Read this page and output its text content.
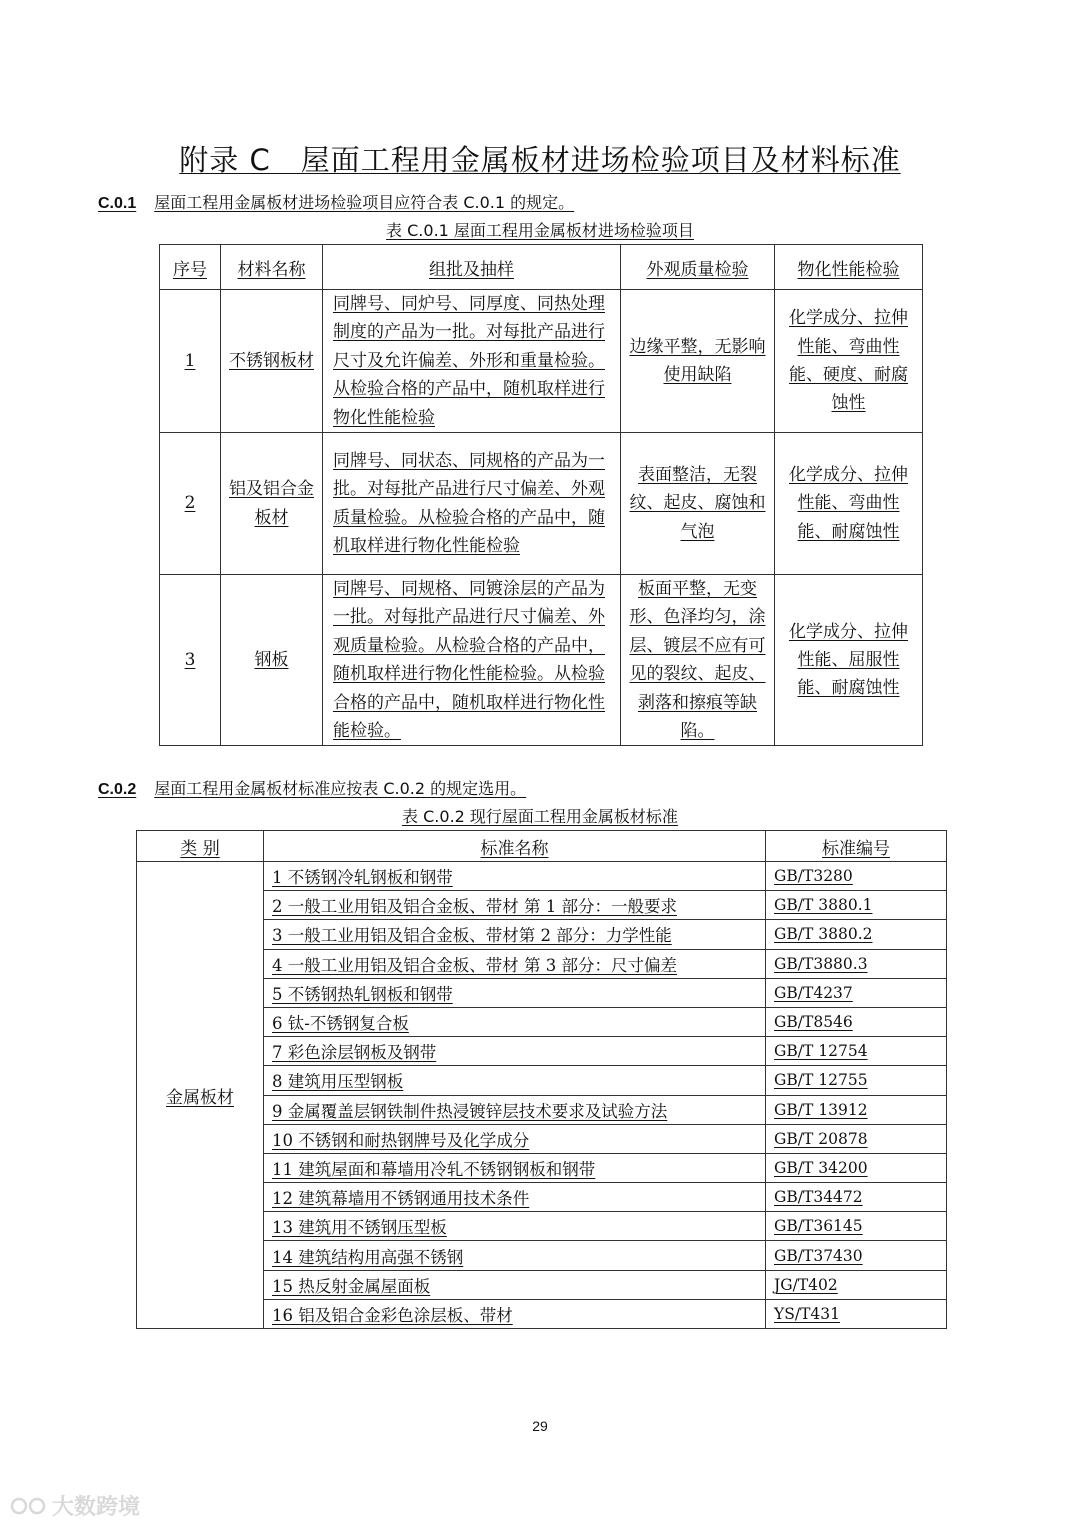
附录 C　屋面工程用金属板材进场检验项目及材料标准
C.0.1 屋面工程用金属板材进场检验项目应符合表 C.0.1 的规定。
表 C.0.1 屋面工程用金属板材进场检验项目
序号	材料名称	组批及抽样	外观质量检验	物化性能检验
1	不锈钢板材	同牌号、同炉号、同厚度、同热处理制度的产品为一批。对每批产品进行尺寸及允许偏差、外形和重量检验。从检验合格的产品中，随机取样进行物化性能检验	边缘平整，无影响使用缺陷	化学成分、拉伸性能、弯曲性能、硬度、耐腐蚀性
2	铝及铝合金板材	同牌号、同状态、同规格的产品为一批。对每批产品进行尺寸偏差、外观质量检验。从检验合格的产品中，随机取样进行物化性能检验	表面整洁，无裂纹、起皮、腐蚀和气泡	化学成分、拉伸性能、弯曲性能、耐腐蚀性
3	钢板	同牌号、同规格、同镀涂层的产品为一批。对每批产品进行尺寸偏差、外观质量检验。从检验合格的产品中，随机取样进行物化性能检验。从检验合格的产品中，随机取样进行物化性能检验。	板面平整，无变形、色泽均匀，涂层、镀层不应有可见的裂纹、起皮、剥落和擦痕等缺陷。	化学成分、拉伸性能、屈服性能、耐腐蚀性
C.0.2 屋面工程用金属板材标准应按表 C.0.2 的规定选用。
表 C.0.2 现行屋面工程用金属板材标准
类 别	标准名称	标准编号
金属板材	1 不锈钢冷轧钢板和钢带	GB/T3280
	2 一般工业用铝及铝合金板、带材 第 1 部分：一般要求	GB/T 3880.1
	3 一般工业用铝及铝合金板、带材第 2 部分：力学性能	GB/T 3880.2
	4 一般工业用铝及铝合金板、带材 第 3 部分：尺寸偏差	GB/T3880.3
	5 不锈钢热轧钢板和钢带	GB/T4237
	6 钛-不锈钢复合板	GB/T8546
	7 彩色涂层钢板及钢带	GB/T 12754
	8 建筑用压型钢板	GB/T 12755
	9 金属覆盖层钢铁制件热浸镀锌层技术要求及试验方法	GB/T 13912
	10 不锈钢和耐热钢牌号及化学成分	GB/T 20878
	11 建筑屋面和幕墙用冷轧不锈钢钢板和钢带	GB/T 34200
	12 建筑幕墙用不锈钢通用技术条件	GB/T34472
	13 建筑用不锈钢压型板	GB/T36145
	14 建筑结构用高强不锈钢	GB/T37430
	15 热反射金属屋面板	JG/T402
	16 铝及铝合金彩色涂层板、带材	YS/T431
29
大数跨境
